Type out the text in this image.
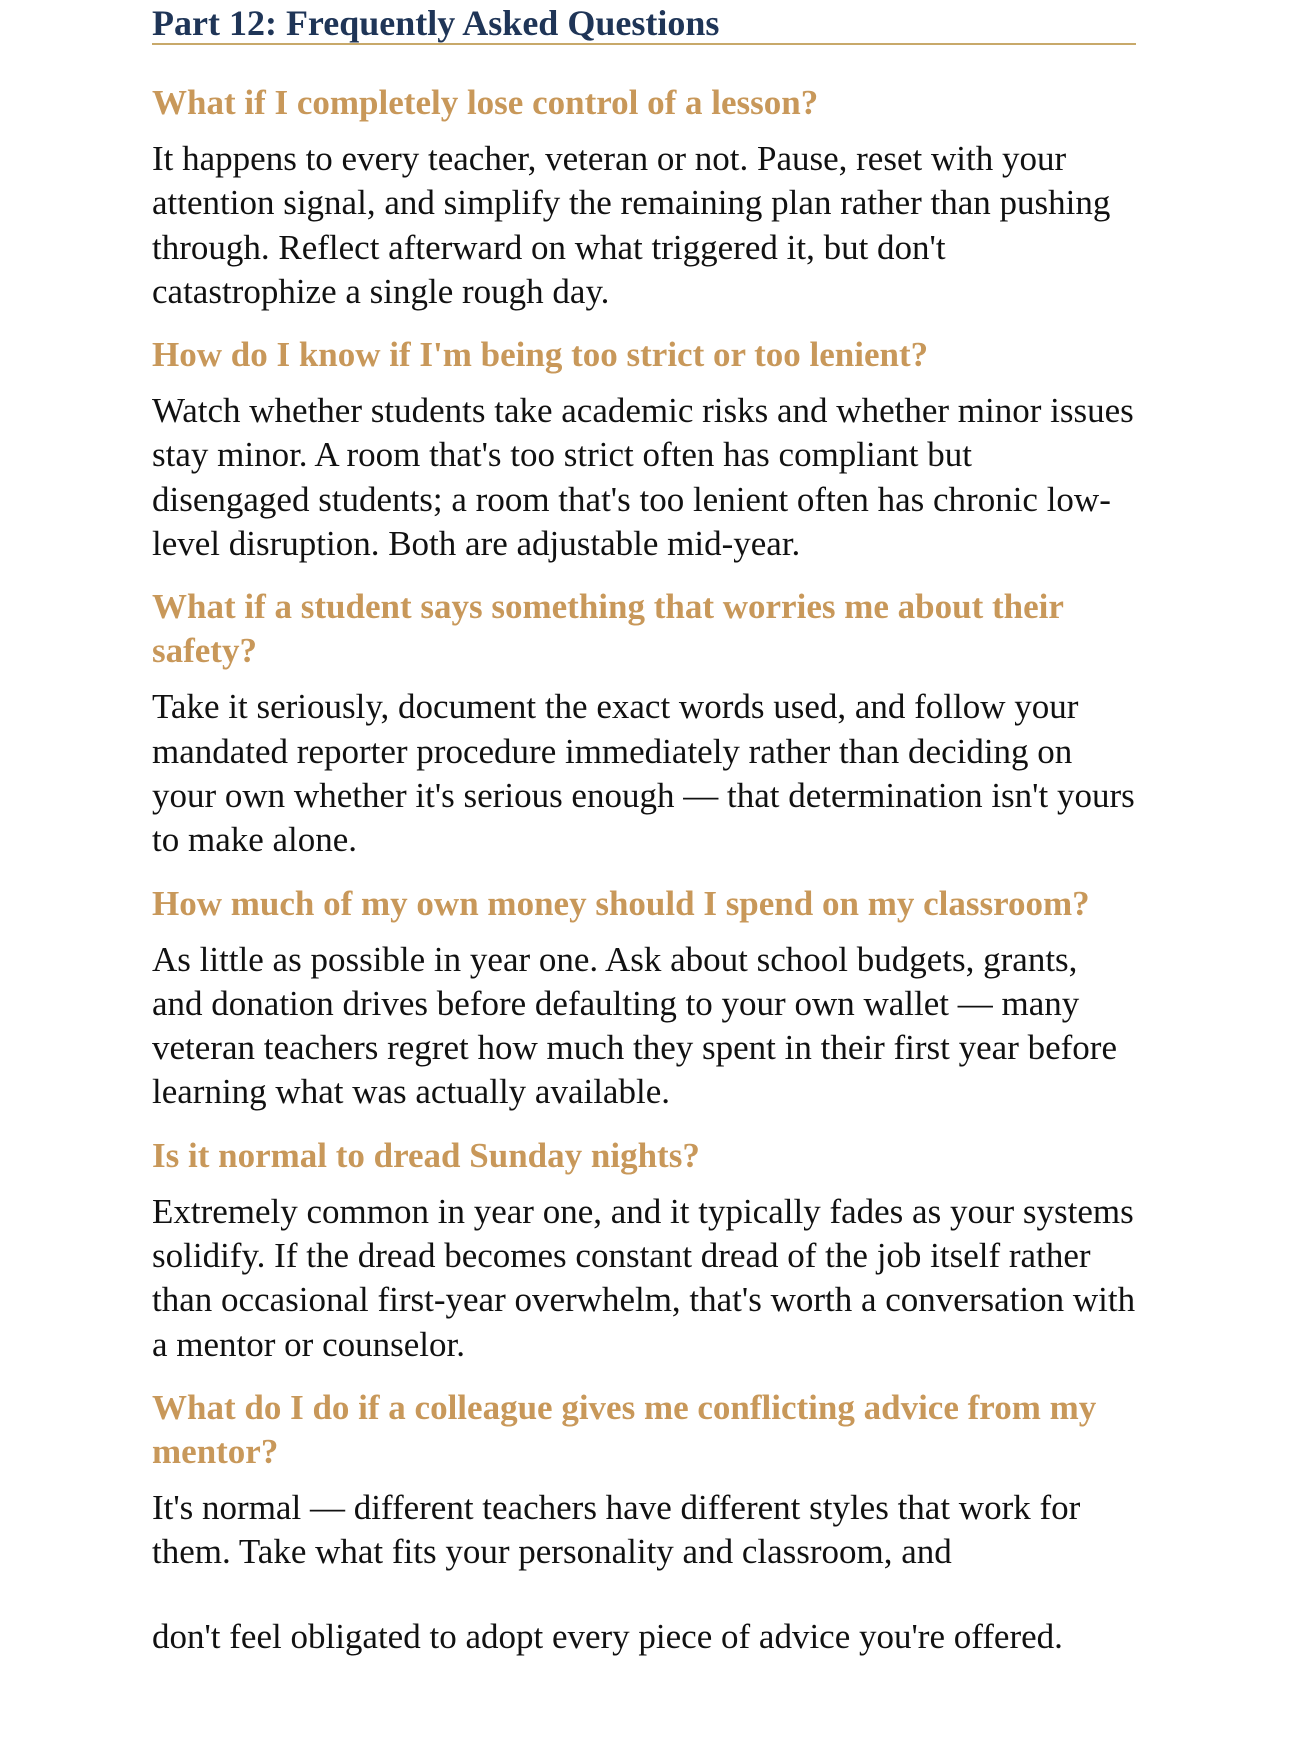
Part 12: Frequently Asked Questions
What if I completely lose control of a lesson?

It happens to every teacher, veteran or not. Pause, reset with your attention signal, and simplify the remaining plan rather than pushing through. Reflect afterward on what triggered it, but don't catastrophize a single rough day.

How do I know if I'm being too strict or too lenient?

Watch whether students take academic risks and whether minor issues stay minor. A room that's too strict often has compliant but disengaged students; a room that's too lenient often has chronic low-level disruption. Both are adjustable mid-year.

What if a student says something that worries me about their safety?

Take it seriously, document the exact words used, and follow your mandated reporter procedure immediately rather than deciding on your own whether it's serious enough — that determination isn't yours to make alone.

How much of my own money should I spend on my classroom?

As little as possible in year one. Ask about school budgets, grants, and donation drives before defaulting to your own wallet — many veteran teachers regret how much they spent in their first year before learning what was actually available.

Is it normal to dread Sunday nights?

Extremely common in year one, and it typically fades as your systems solidify. If the dread becomes constant dread of the job itself rather than occasional first-year overwhelm, that's worth a conversation with a mentor or counselor.

What do I do if a colleague gives me conflicting advice from my mentor?

It's normal — different teachers have different styles that work for them. Take what fits your personality and classroom, and

don't feel obligated to adopt every piece of advice you're offered.
